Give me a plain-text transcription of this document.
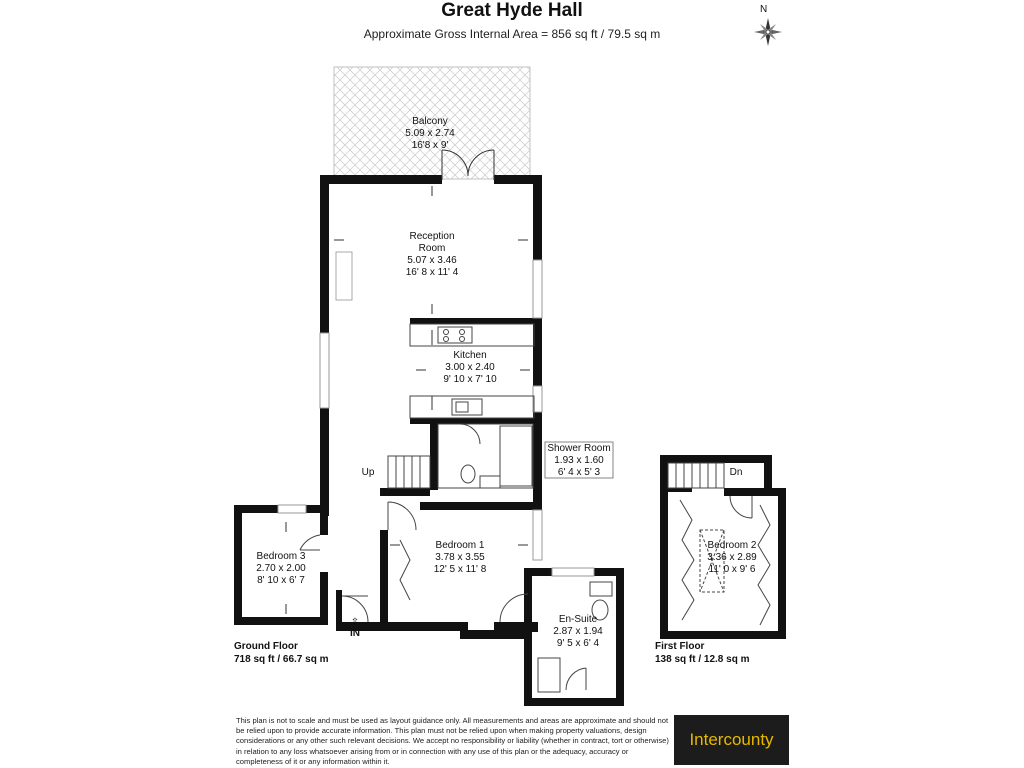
Great Hyde Hall
Approximate Gross Internal Area = 856 sq ft / 79.5 sq m
N
Balcony
5.09 x 2.74
16'8 x 9'
Reception
Room
5.07 x 3.46
16' 8 x 11' 4
Kitchen
3.00 x 2.40
9' 10 x 7' 10
Shower Room
1.93 x 1.60
6' 4 x 5' 3
Bedroom 1
3.78 x 3.55
12' 5 x 11' 8
Bedroom 2
3.36 x 2.89
11' 0 x 9' 6
Bedroom 3
2.70 x 2.00
8' 10 x 6' 7
En-Suite
2.87 x 1.94
9' 5 x 6' 4
Up	Dn
⇧
IN
Ground Floor
718 sq ft / 66.7 sq m
First Floor
138 sq ft / 12.8 sq m
This plan is not to scale and must be used as layout guidance only. All measurements and areas are approximate and should not be relied upon to provide accurate information. This plan must not be relied upon when making property valuations, design considerations or any other such relevant decisions. We accept no responsibility or liability (whether in contract, tort or otherwise) in relation to any loss whatsoever arising from or in connection with any use of this plan or the adequacy, accuracy or completeness of it or any information within it.
Intercounty
